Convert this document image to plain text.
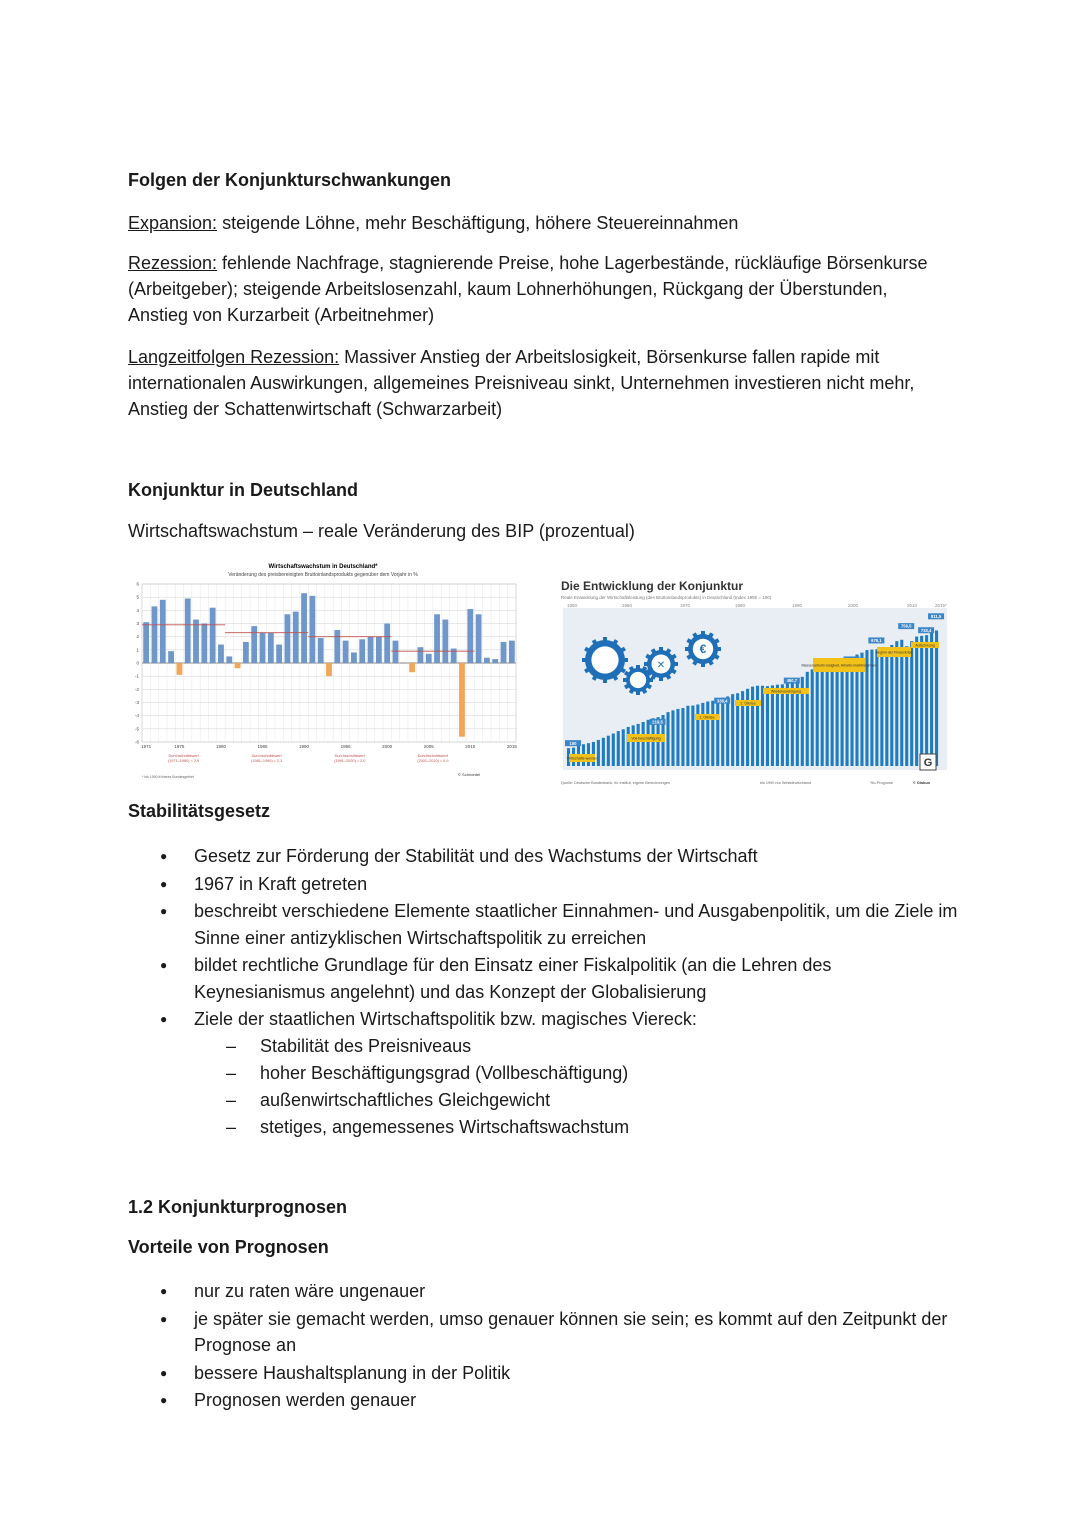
Folgen der Konjunkturschwankungen
Expansion: steigende Löhne, mehr Beschäftigung, höhere Steuereinnahmen
Rezession: fehlende Nachfrage, stagnierende Preise, hohe Lagerbestände, rückläufige Börsenkurse (Arbeitgeber); steigende Arbeitslosenzahl, kaum Lohnerhöhungen, Rückgang der Überstunden, Anstieg von Kurzarbeit (Arbeitnehmer)
Langzeitfolgen Rezession: Massiver Anstieg der Arbeitslosigkeit, Börsenkurse fallen rapide mit internationalen Auswirkungen, allgemeines Preisniveau sinkt, Unternehmen investieren nicht mehr, Anstieg der Schattenwirtschaft (Schwarzarbeit)
Konjunktur in Deutschland
Wirtschaftswachstum – reale Veränderung des BIP (prozentual)
Wirtschaftswachstum in Deutschland*
Veränderung des preisbereinigten Bruttoinlandsprodukts gegenüber dem Vorjahr in %
6
5
4
3
2
1
0
-1
-2
-3
-4
-5
-6
Durchschnittswert
(1971–1980) = 2,9
Durchschnittswert
(1981–1990) = 2,3
Durchschnittswert
(1991–2000) = 2,0
Durchschnittswert
(2001–2010) = 0,9
1971	1975	1980	1985	1990	1995	2000	2005	2010	2015
* bis 1990 früheres Bundesgebiet	© Schroedel
Die Entwicklung der Konjunktur
Reale Entwicklung der Wirtschaftsleistung (des Bruttoinlandsprodukts) in Deutschland (Index 1950 = 100)
1950	1960	1970	1980	1990	2000	2010	2015*
€
✕
100
219,5
338,4
450,7
676,1
756,5
733,4
811,5
Wirtschafts-wunder
Voll-beschäftigung
1. Ölkrise
2. Ölkrise
Wiedervereinigung
Massenarbeits-losigkeit, Arbeits-marktreformen
Beginn der Finanzkrise
Aufschwung
Quelle: Deutsche Bundesbank, ifo Institut, eigene Berechnungen	bis 1990 nur Westdeutschland	*ifo-Prognose	© Globus
G
Stabilitätsgesetz
● Gesetz zur Förderung der Stabilität und des Wachstums der Wirtschaft
● 1967 in Kraft getreten
● beschreibt verschiedene Elemente staatlicher Einnahmen- und Ausgabenpolitik, um die Ziele im Sinne einer antizyklischen Wirtschaftspolitik zu erreichen
● bildet rechtliche Grundlage für den Einsatz einer Fiskalpolitik (an die Lehren des Keynesianismus angelehnt) und das Konzept der Globalisierung
● Ziele der staatlichen Wirtschaftspolitik bzw. magisches Viereck:
– Stabilität des Preisniveaus
– hoher Beschäftigungsgrad (Vollbeschäftigung)
– außenwirtschaftliches Gleichgewicht
– stetiges, angemessenes Wirtschaftswachstum
1.2 Konjunkturprognosen
Vorteile von Prognosen
● nur zu raten wäre ungenauer
● je später sie gemacht werden, umso genauer können sie sein; es kommt auf den Zeitpunkt der Prognose an
● bessere Haushaltsplanung in der Politik
● Prognosen werden genauer
